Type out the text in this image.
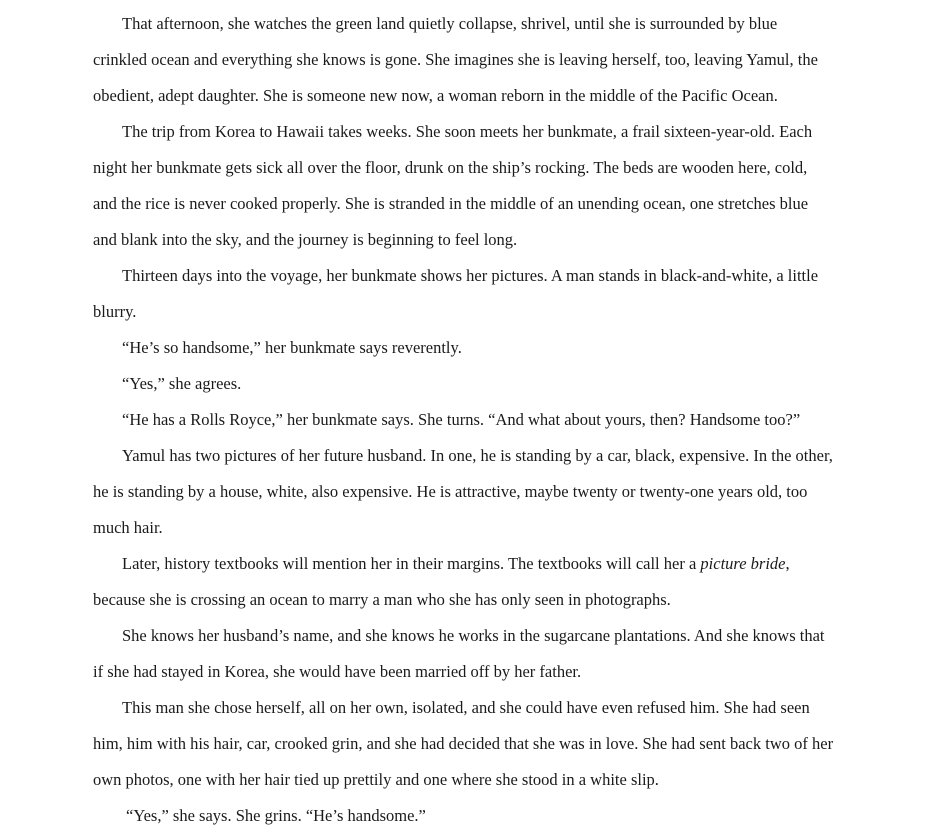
That afternoon, she watches the green land quietly collapse, shrivel, until she is surrounded by blue crinkled ocean and everything she knows is gone. She imagines she is leaving herself, too, leaving Yamul, the obedient, adept daughter. She is someone new now, a woman reborn in the middle of the Pacific Ocean.

The trip from Korea to Hawaii takes weeks. She soon meets her bunkmate, a frail sixteen-year-old. Each night her bunkmate gets sick all over the floor, drunk on the ship’s rocking. The beds are wooden here, cold, and the rice is never cooked properly. She is stranded in the middle of an unending ocean, one stretches blue and blank into the sky, and the journey is beginning to feel long.

Thirteen days into the voyage, her bunkmate shows her pictures. A man stands in black-and-white, a little blurry.

“He’s so handsome,” her bunkmate says reverently.

“Yes,” she agrees.

“He has a Rolls Royce,” her bunkmate says. She turns. “And what about yours, then? Handsome too?”

Yamul has two pictures of her future husband. In one, he is standing by a car, black, expensive. In the other, he is standing by a house, white, also expensive. He is attractive, maybe twenty or twenty-one years old, too much hair.

Later, history textbooks will mention her in their margins. The textbooks will call her a picture bride, because she is crossing an ocean to marry a man who she has only seen in photographs.

She knows her husband’s name, and she knows he works in the sugarcane plantations. And she knows that if she had stayed in Korea, she would have been married off by her father.

This man she chose herself, all on her own, isolated, and she could have even refused him. She had seen him, him with his hair, car, crooked grin, and she had decided that she was in love. She had sent back two of her own photos, one with her hair tied up prettily and one where she stood in a white slip.

“Yes,” she says. She grins. “He’s handsome.”
